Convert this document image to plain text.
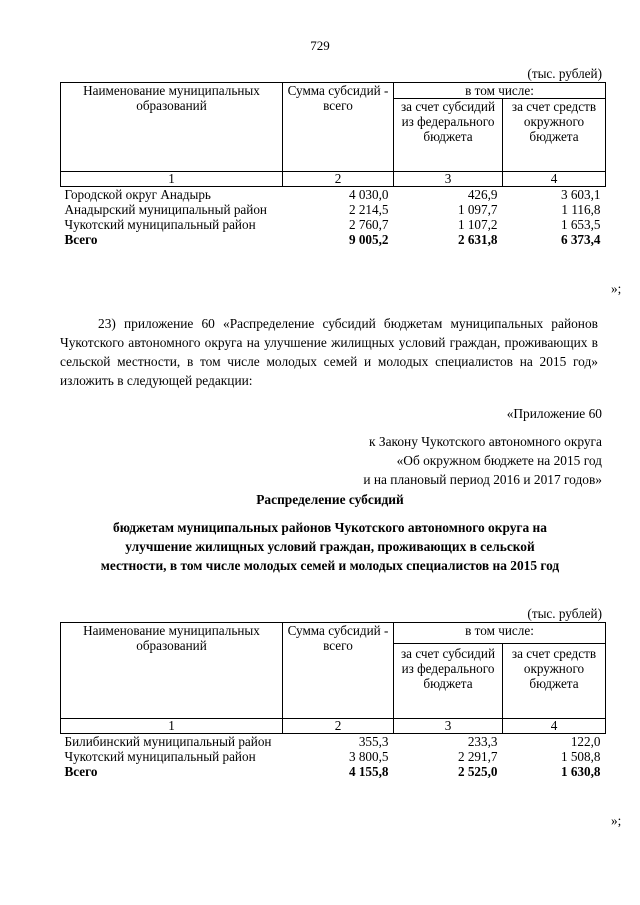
729
(тыс. рублей)
Наименование муниципальных образований	Сумма субсидий - всего	в том числе:	
		за счет субсидий из федерального бюджета	за счет средств окружного бюджета
1	2	3	4
Городской округ Анадырь	4 030,0	426,9	3 603,1
Анадырский муниципальный район	2 214,5	1 097,7	1 116,8
Чукотский муниципальный район	2 760,7	1 107,2	1 653,5
Всего	9 005,2	2 631,8	6 373,4
»;
23) приложение 60 «Распределение субсидий бюджетам муниципальных районов Чукотского автономного округа на улучшение жилищных условий граждан, проживающих в сельской местности, в том числе молодых семей и молодых специалистов на 2015 год» изложить в следующей редакции:
«Приложение 60
к Закону Чукотского автономного округа
«Об окружном бюджете на 2015 год
и на плановый период 2016 и 2017 годов»
Распределение субсидий
бюджетам муниципальных районов Чукотского автономного округа на
улучшение жилищных условий граждан, проживающих в сельской
местности, в том числе молодых семей и молодых специалистов на 2015 год
(тыс. рублей)
Наименование муниципальных образований	Сумма субсидий - всего	в том числе:	
		за счет субсидий из федерального бюджета	за счет средств окружного бюджета
1	2	3	4
Билибинский муниципальный район	355,3	233,3	122,0
Чукотский муниципальный район	3 800,5	2 291,7	1 508,8
Всего	4 155,8	2 525,0	1 630,8
»;
